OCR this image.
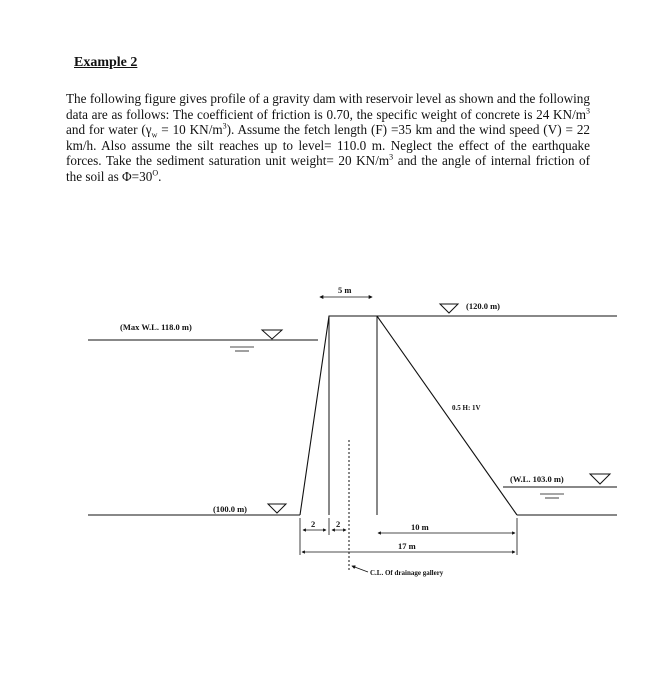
Example 2

The following figure gives profile of a gravity dam with reservoir level as shown and the following data are as follows: The coefficient of friction is 0.70, the specific weight of concrete is 24 $KN/m^3$ and for water ($\gamma_w = 10$ $KN/m^3$). Assume the fetch length (F) =35 km and the wind speed (V) = 22 km/h. Also assume the silt reaches up to level= 110.0 m. Neglect the effect of the earthquake forces. Take the sediment saturation unit weight= 20 $KN/m^3$ and the angle of internal friction of the soil as $\Phi=30^O$.

5 m
(120.0 m)
(Max W.L. 118.0 m)
0.5 H: 1V
(W.L. 103.0 m)
(100.0 m)
2 2	10 m
17 m
C.L. Of drainage gallery
